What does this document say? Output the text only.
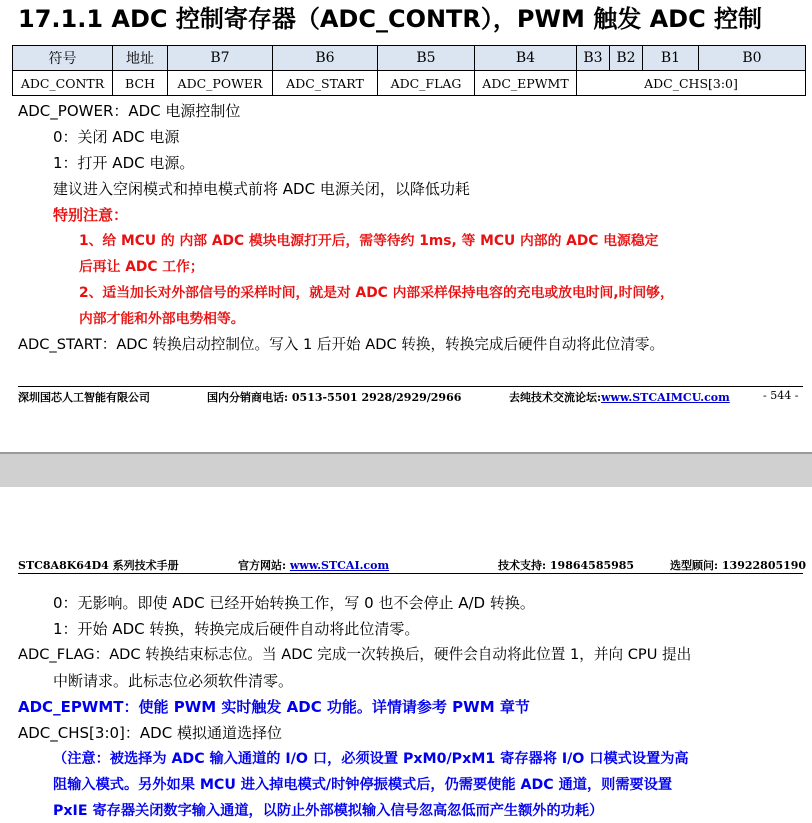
17.1.1 ADC 控制寄存器（ADC_CONTR），PWM 触发 ADC 控制
符号	地址	B7	B6	B5	B4	B3	B2	B1	B0
ADC_CONTR	BCH	ADC_POWER	ADC_START	ADC_FLAG	ADC_EPWMT	ADC_CHS[3:0]			
ADC_POWER：ADC 电源控制位
0：关闭 ADC 电源
1：打开 ADC 电源。
建议进入空闲模式和掉电模式前将 ADC 电源关闭，以降低功耗
特别注意：
1、给 MCU 的 内部 ADC 模块电源打开后，需等待约 1ms, 等 MCU 内部的 ADC 电源稳定
后再让 ADC 工作；
2、适当加长对外部信号的采样时间，就是对 ADC 内部采样保持电容的充电或放电时间,时间够，
内部才能和外部电势相等。
ADC_START：ADC 转换启动控制位。写入 1 后开始 ADC 转换，转换完成后硬件自动将此位清零。
深圳国芯人工智能有限公司	国内分销商电话: 0513-5501 2928/2929/2966	去纯技术交流论坛:www.STCAIMCU.com	- 544 -
STC8A8K64D4 系列技术手册	官方网站: www.STCAI.com	技术支持: 19864585985	选型顾问: 13922805190
0：无影响。即使 ADC 已经开始转换工作，写 0 也不会停止 A/D 转换。
1：开始 ADC 转换，转换完成后硬件自动将此位清零。
ADC_FLAG：ADC 转换结束标志位。当 ADC 完成一次转换后，硬件会自动将此位置 1，并向 CPU 提出
中断请求。此标志位必须软件清零。
ADC_EPWMT：使能 PWM 实时触发 ADC 功能。详情请参考 PWM 章节
ADC_CHS[3:0]：ADC 模拟通道选择位
（注意：被选择为 ADC 输入通道的 I/O 口，必须设置 PxM0/PxM1 寄存器将 I/O 口模式设置为高
阻输入模式。另外如果 MCU 进入掉电模式/时钟停振模式后，仍需要使能 ADC 通道，则需要设置
PxIE 寄存器关闭数字输入通道，以防止外部模拟输入信号忽高忽低而产生额外的功耗）
